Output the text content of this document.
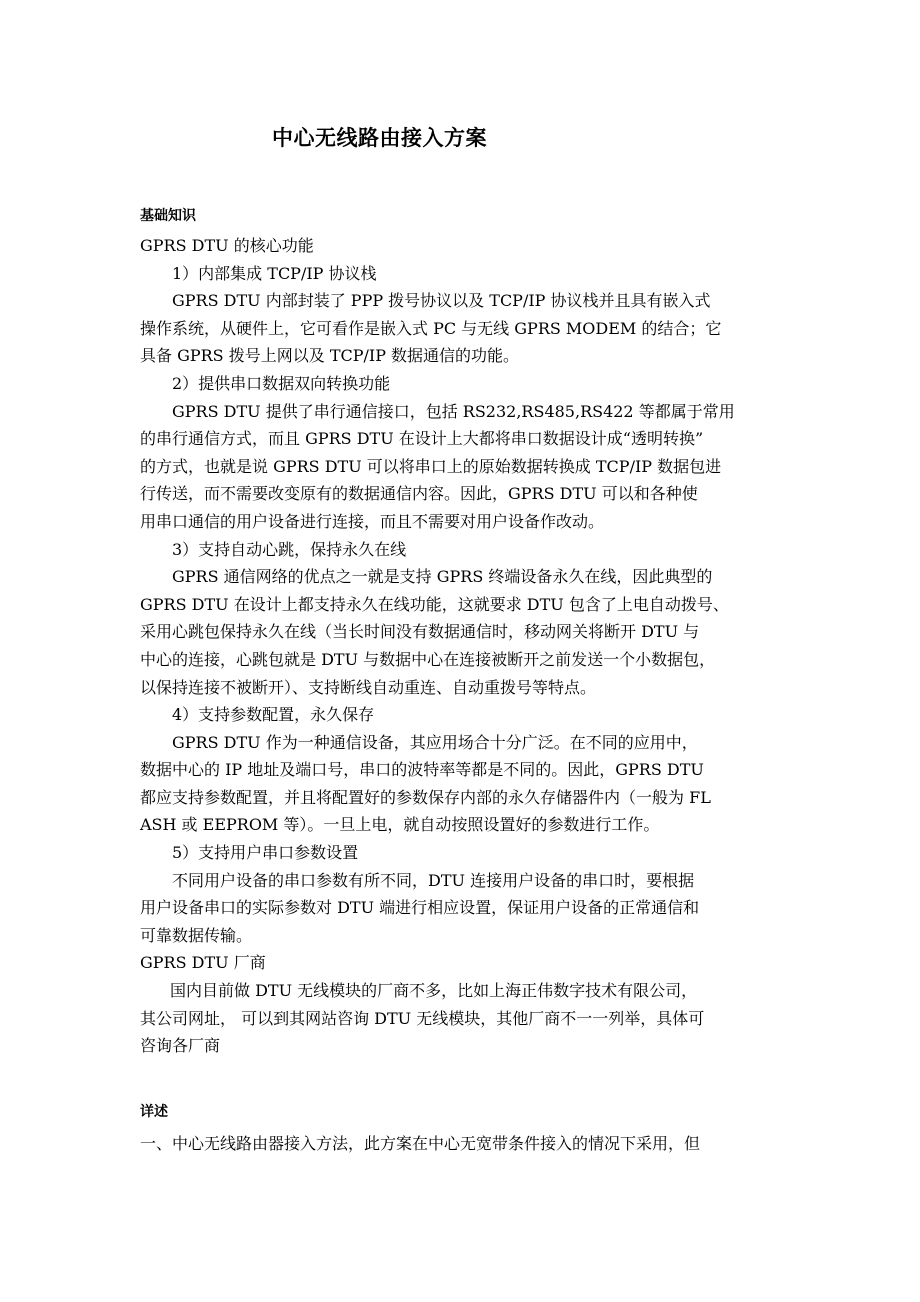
中心无线路由接入方案
基础知识
GPRS DTU 的核心功能
1）内部集成 TCP/IP 协议栈
GPRS DTU 内部封装了 PPP 拨号协议以及 TCP/IP 协议栈并且具有嵌入式
操作系统，从硬件上，它可看作是嵌入式 PC 与无线 GPRS MODEM 的结合；它
具备 GPRS 拨号上网以及 TCP/IP 数据通信的功能。
2）提供串口数据双向转换功能
GPRS DTU 提供了串行通信接口，包括 RS232,RS485,RS422 等都属于常用
的串行通信方式，而且 GPRS DTU 在设计上大都将串口数据设计成“透明转换”
的方式，也就是说 GPRS DTU 可以将串口上的原始数据转换成 TCP/IP 数据包进
行传送，而不需要改变原有的数据通信内容。因此，GPRS DTU 可以和各种使
用串口通信的用户设备进行连接，而且不需要对用户设备作改动。
3）支持自动心跳，保持永久在线
GPRS 通信网络的优点之一就是支持 GPRS 终端设备永久在线，因此典型的
GPRS DTU 在设计上都支持永久在线功能，这就要求 DTU 包含了上电自动拨号、
采用心跳包保持永久在线（当长时间没有数据通信时，移动网关将断开 DTU 与
中心的连接，心跳包就是 DTU 与数据中心在连接被断开之前发送一个小数据包，
以保持连接不被断开）、支持断线自动重连、自动重拨号等特点。
4）支持参数配置，永久保存
GPRS DTU 作为一种通信设备，其应用场合十分广泛。在不同的应用中，
数据中心的 IP 地址及端口号，串口的波特率等都是不同的。因此，GPRS DTU
都应支持参数配置，并且将配置好的参数保存内部的永久存储器件内（一般为 FL
ASH 或 EEPROM 等）。一旦上电，就自动按照设置好的参数进行工作。
5）支持用户串口参数设置
不同用户设备的串口参数有所不同，DTU 连接用户设备的串口时，要根据
用户设备串口的实际参数对 DTU 端进行相应设置，保证用户设备的正常通信和
可靠数据传输。
GPRS DTU 厂商
国内目前做 DTU 无线模块的厂商不多，比如上海正伟数字技术有限公司，
其公司网址， 可以到其网站咨询 DTU 无线模块，其他厂商不一一列举，具体可
咨询各厂商
详述
一、中心无线路由器接入方法，此方案在中心无宽带条件接入的情况下采用，但
